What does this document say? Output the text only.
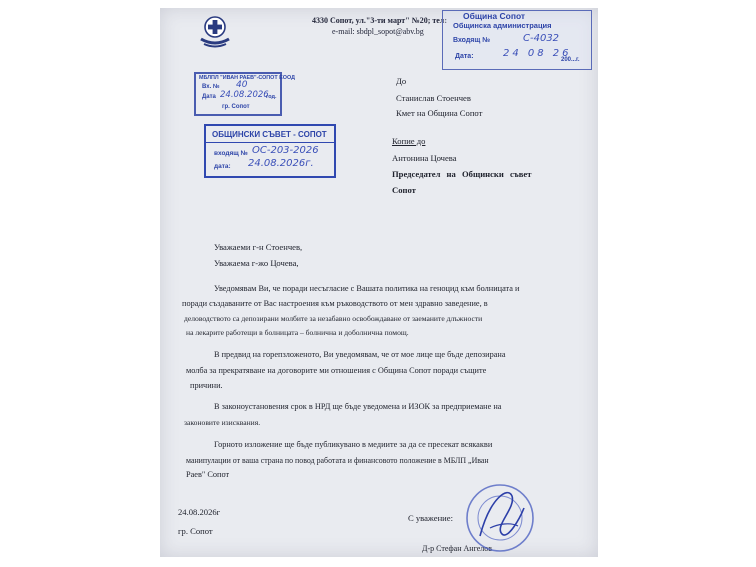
4330 Сопот, ул."3-ти март" №20; тел:
e-mail: sbdpl_sopot@abv.bg
Община Сопот
Общинска администрация
Входящ №	С-4032
Дата:	24 08 26
200...г.
МБЛПЛ "ИВАН РАЕВ"-СОПОТ ЕООД
Вх. № 40
Дата 24.08.2026
год.
гр. Сопот
ОБЩИНСКИ СЪВЕТ - СОПОТ
входящ № ОС-203-2026
дата: 24.08.2026г.
До
Станислав Стоенчев
Кмет на Община Сопот
Копие до
Антонина Цочева
Председател на Общински съвет
Сопот
Уважаеми г-н Стоенчев,
Уважаема г-жо Цочева,
Уведомявам Ви, че поради несъгласие с Вашата политика на геноцид към болницата и
поради създаваните от Вас настроения към ръководството от мен здравно заведение, в
деловодството са депозирани молбите за незабавно освобождаване от заеманите длъжности
на лекарите работещи в болницата – болнична и доболнична помощ.
В предвид на горепзложеното, Ви уведомявам, че от мое лице ще бъде депозирана
молба за прекратяване на договорите ми отношения с Община Сопот поради същите
причини.
В законоустановения срок в НРД ще бъде уведомена и ИЗОК за предприемане на
законовите изисквания.
Горното изложение ще бъде публикувано в медиите за да се пресекат всякакви
манипулации от ваша страна по повод работата и финансовото положение в МБЛП „Иван
Раев" Сопот
24.08.2026г
гр. Сопот
С уважение:
Д-р Стефан Ангелов
